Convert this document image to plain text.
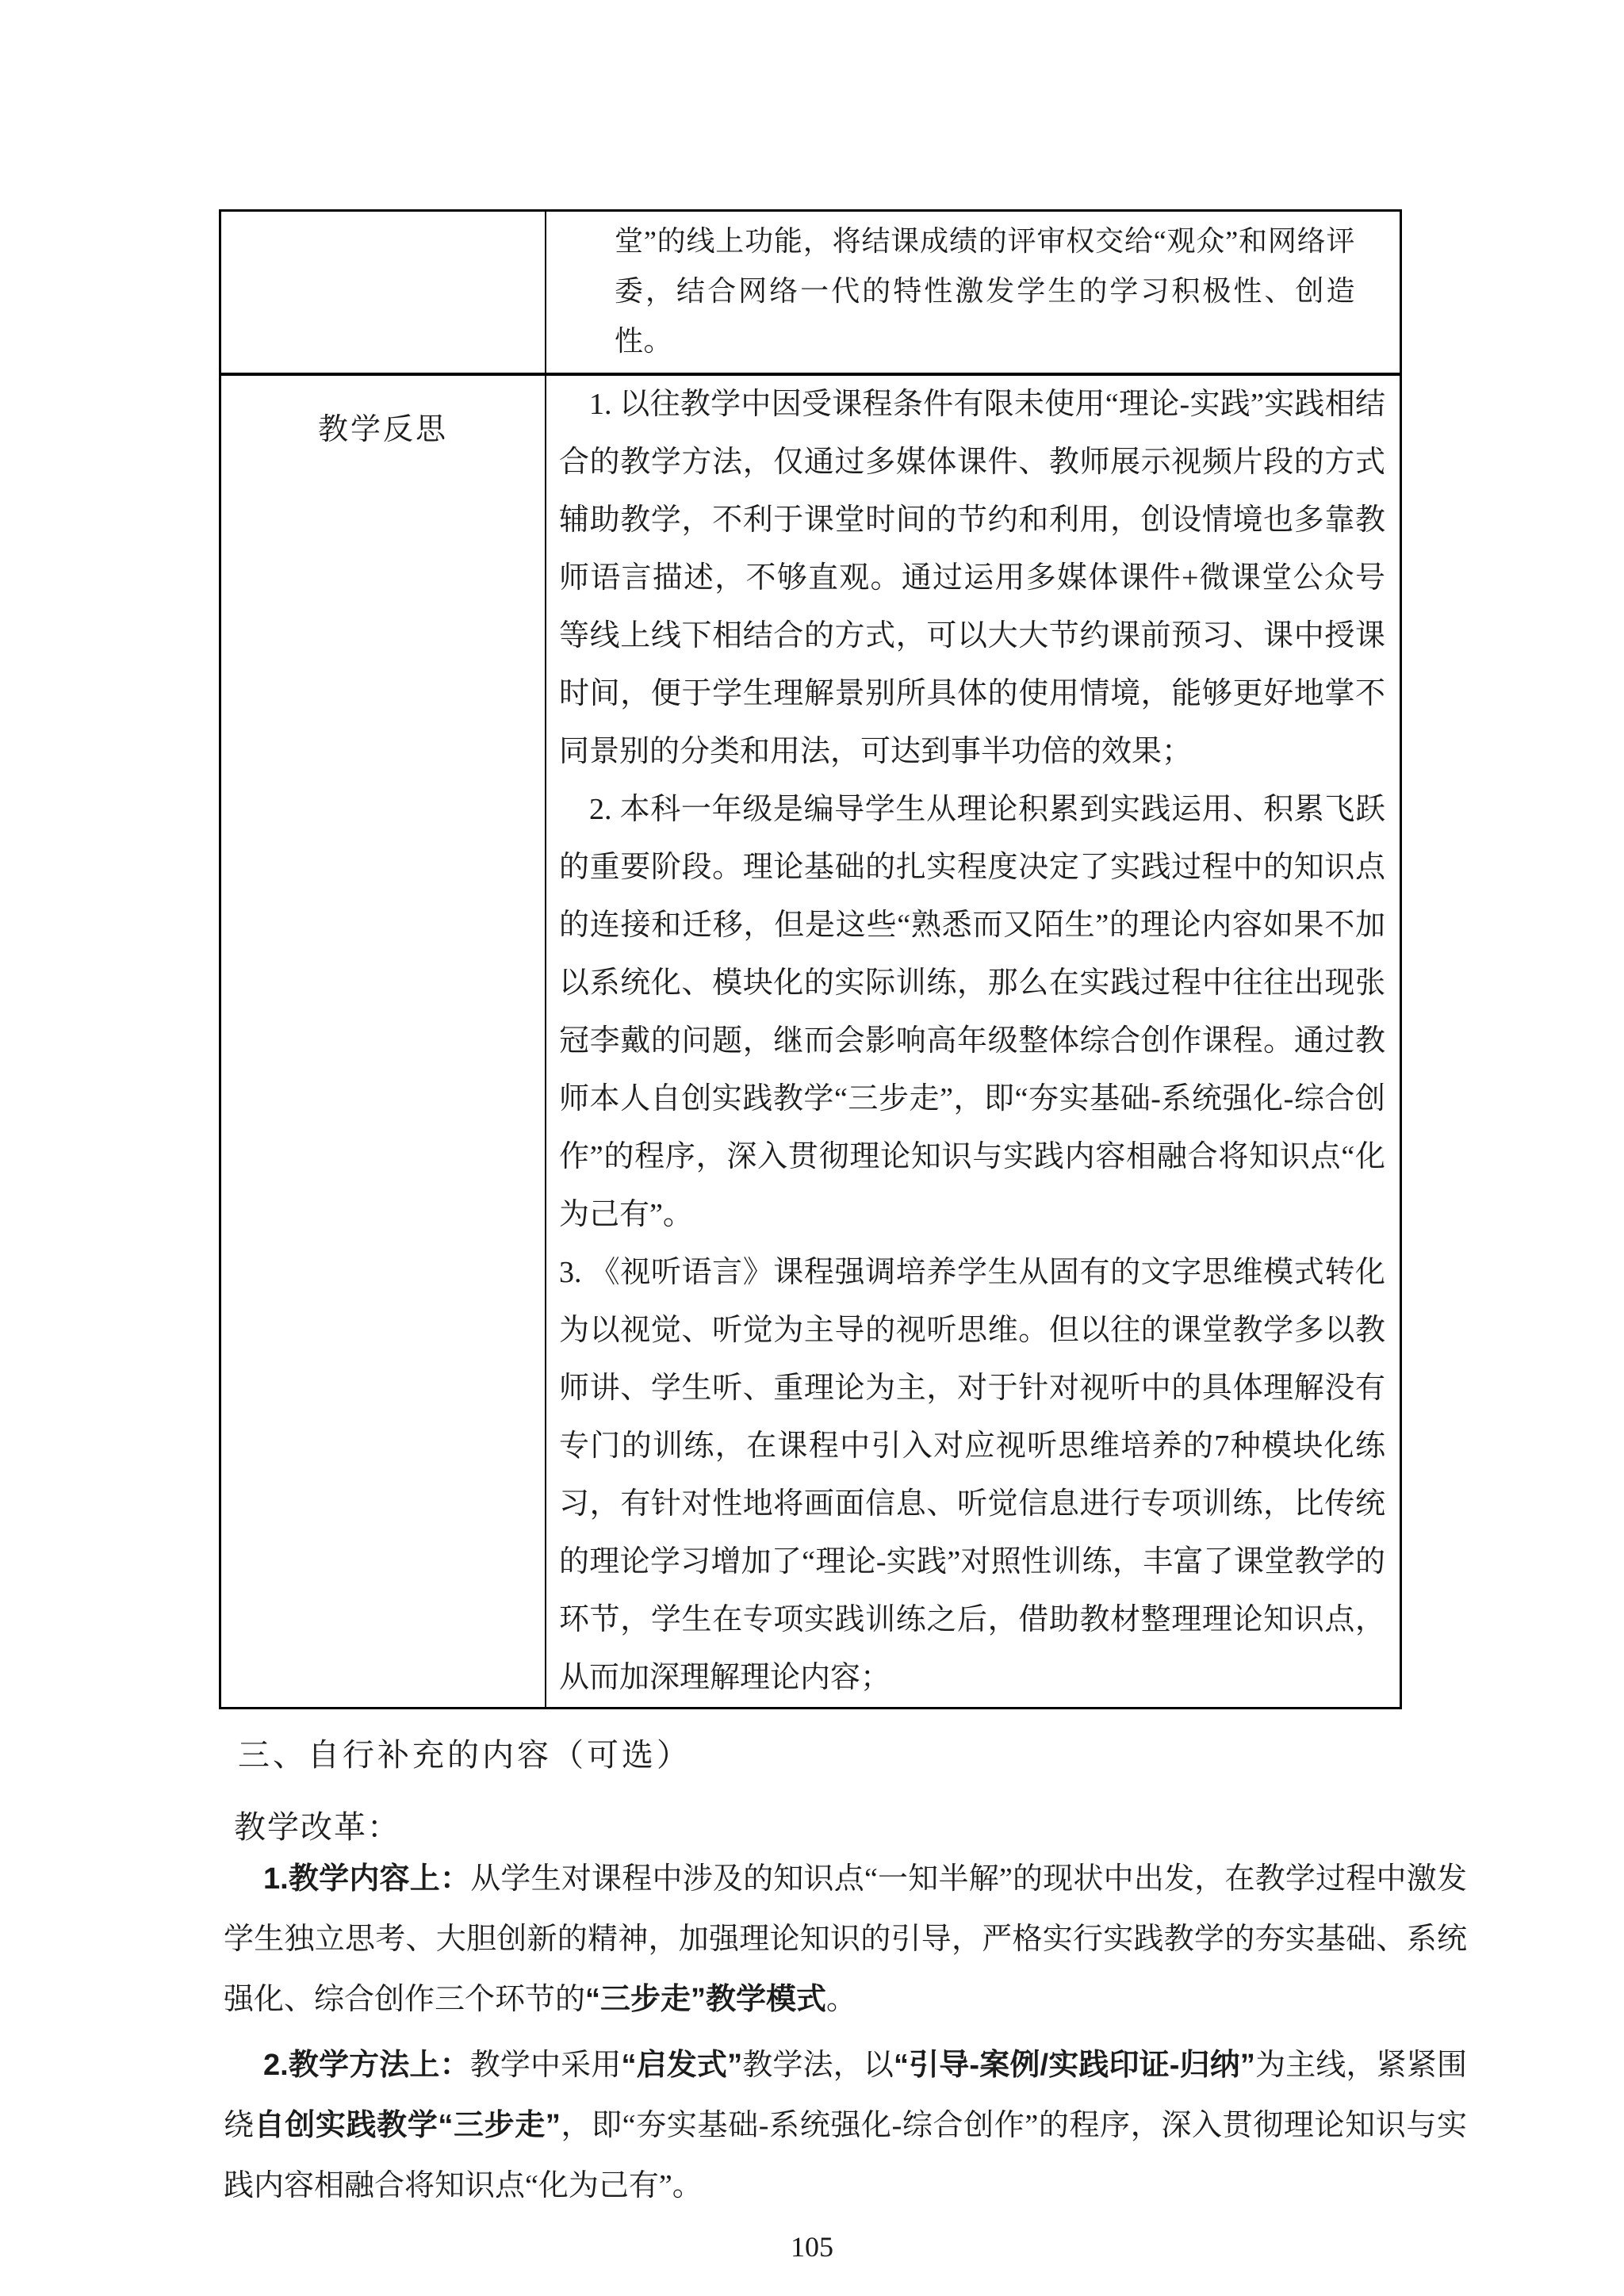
堂”的线上功能，将结课成绩的评审权交给“观众”和网络评委，结合网络一代的特性激发学生的学习积极性、创造性。

教学反思

1. 以往教学中因受课程条件有限未使用“理论-实践”实践相结合的教学方法，仅通过多媒体课件、教师展示视频片段的方式辅助教学，不利于课堂时间的节约和利用，创设情境也多靠教师语言描述，不够直观。通过运用多媒体课件+微课堂公众号等线上线下相结合的方式，可以大大节约课前预习、课中授课时间，便于学生理解景别所具体的使用情境，能够更好地掌不同景别的分类和用法，可达到事半功倍的效果；

2. 本科一年级是编导学生从理论积累到实践运用、积累飞跃的重要阶段。理论基础的扎实程度决定了实践过程中的知识点的连接和迁移，但是这些“熟悉而又陌生”的理论内容如果不加以系统化、模块化的实际训练，那么在实践过程中往往出现张冠李戴的问题，继而会影响高年级整体综合创作课程。通过教师本人自创实践教学“三步走”，即“夯实基础-系统强化-综合创作”的程序，深入贯彻理论知识与实践内容相融合将知识点“化为己有”。

3. 《视听语言》课程强调培养学生从固有的文字思维模式转化为以视觉、听觉为主导的视听思维。但以往的课堂教学多以教师讲、学生听、重理论为主，对于针对视听中的具体理解没有专门的训练，在课程中引入对应视听思维培养的7种模块化练习，有针对性地将画面信息、听觉信息进行专项训练，比传统的理论学习增加了“理论-实践”对照性训练，丰富了课堂教学的环节，学生在专项实践训练之后，借助教材整理理论知识点，从而加深理解理论内容；

三、自行补充的内容（可选）
教学改革：
1.教学内容上：从学生对课程中涉及的知识点“一知半解”的现状中出发，在教学过程中激发学生独立思考、大胆创新的精神，加强理论知识的引导，严格实行实践教学的夯实基础、系统强化、综合创作三个环节的“三步走”教学模式。
2.教学方法上：教学中采用“启发式”教学法，以“引导-案例/实践印证-归纳”为主线，紧紧围绕自创实践教学“三步走”，即“夯实基础-系统强化-综合创作”的程序，深入贯彻理论知识与实践内容相融合将知识点“化为己有”。
105
